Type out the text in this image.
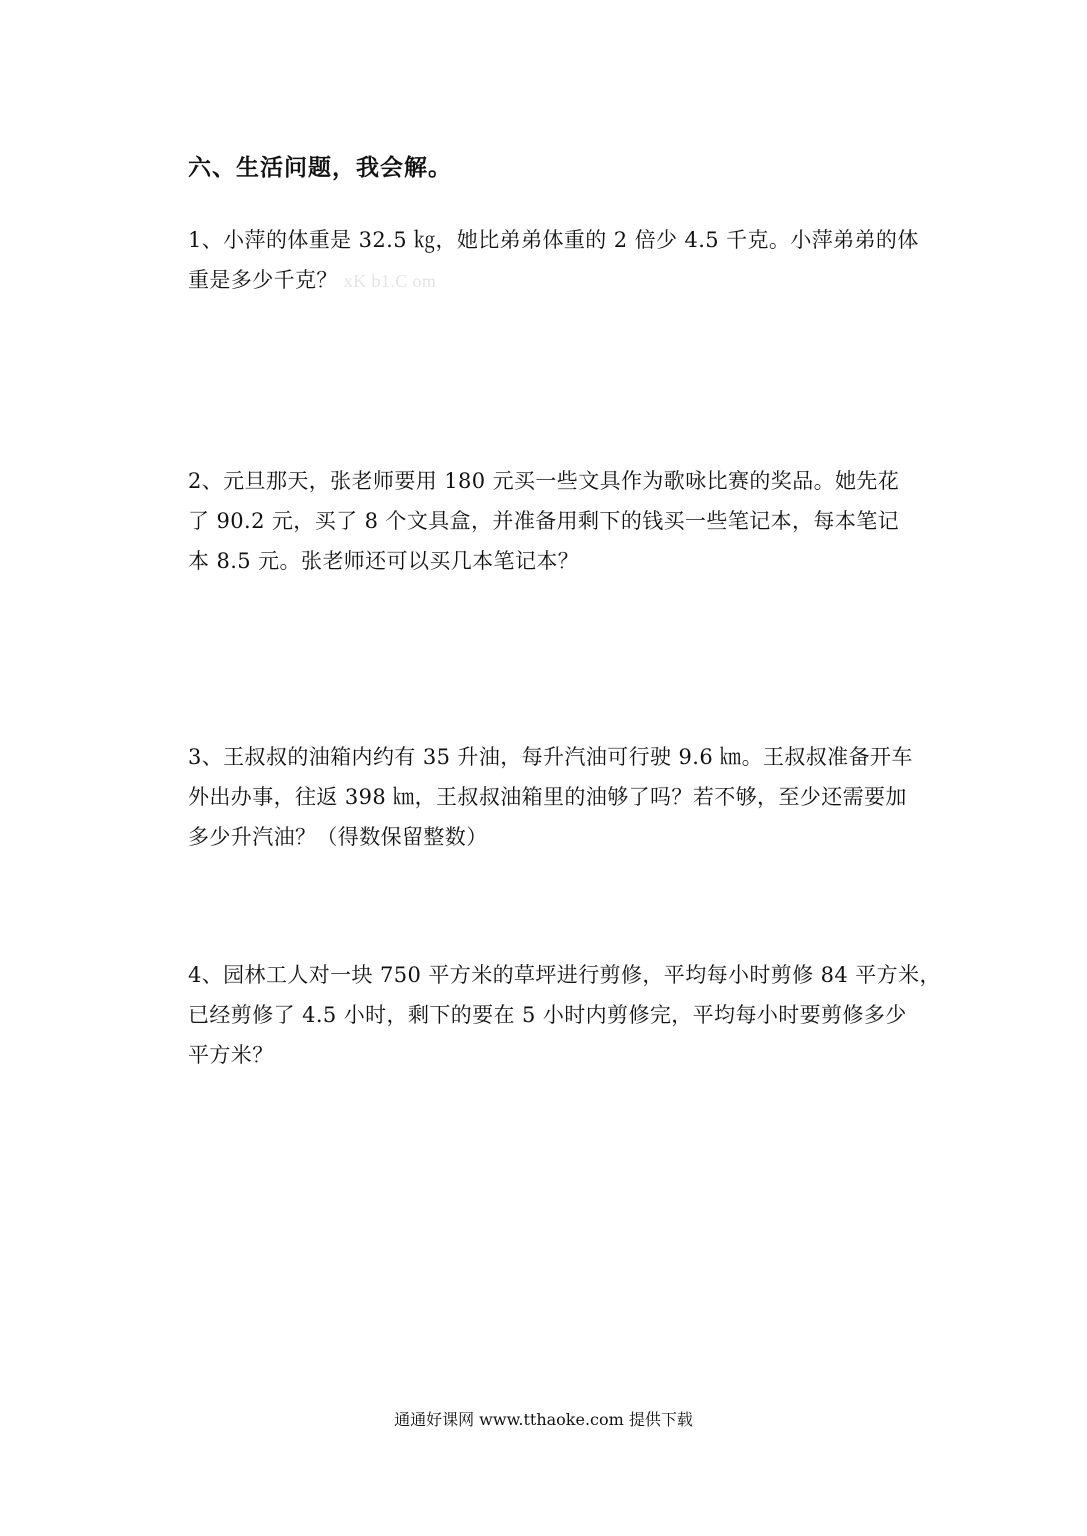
六、生活问题，我会解。
1、小萍的体重是 32.5 ㎏，她比弟弟体重的 2 倍少 4.5 千克。小萍弟弟的体
重是多少千克？ xK b1.C om
2、元旦那天，张老师要用 180 元买一些文具作为歌咏比赛的奖品。她先花
了 90.2 元，买了 8 个文具盒，并准备用剩下的钱买一些笔记本，每本笔记
本 8.5 元。张老师还可以买几本笔记本？
3、王叔叔的油箱内约有 35 升油，每升汽油可行驶 9.6 ㎞。王叔叔准备开车
外出办事，往返 398 ㎞，王叔叔油箱里的油够了吗？若不够，至少还需要加
多少升汽油？（得数保留整数）
4、园林工人对一块 750 平方米的草坪进行剪修，平均每小时剪修 84 平方米，
已经剪修了 4.5 小时，剩下的要在 5 小时内剪修完，平均每小时要剪修多少
平方米？
通通好课网 www.tthaoke.com 提供下载
